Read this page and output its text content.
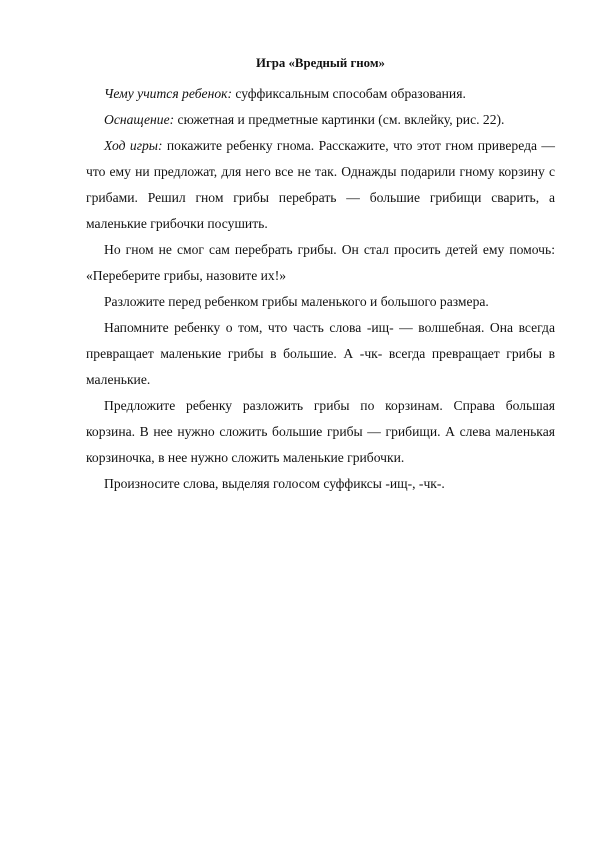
Игра «Вредный гном»

Чему учится ребенок: суффиксальным способам образования.

Оснащение: сюжетная и предметные картинки (см. вклейку, рис. 22).

Ход игры: покажите ребенку гнома. Расскажите, что этот гном привереда — что ему ни предложат, для него все не так. Однажды подарили гному корзину с грибами. Решил гном грибы перебрать — большие грибищи сварить, а маленькие грибочки посушить.

Но гном не смог сам перебрать грибы. Он стал просить детей ему помочь: «Переберите грибы, назовите их!»

Разложите перед ребенком грибы маленького и большого размера.

Напомните ребенку о том, что часть слова -ищ- — волшебная. Она всегда превращает маленькие грибы в большие. А -чк- всегда превращает грибы в маленькие.

Предложите ребенку разложить грибы по корзинам. Справа большая корзина. В нее нужно сложить большие грибы — грибищи. А слева маленькая корзиночка, в нее нужно сложить маленькие грибочки.

Произносите слова, выделяя голосом суффиксы -ищ-, -чк-.
